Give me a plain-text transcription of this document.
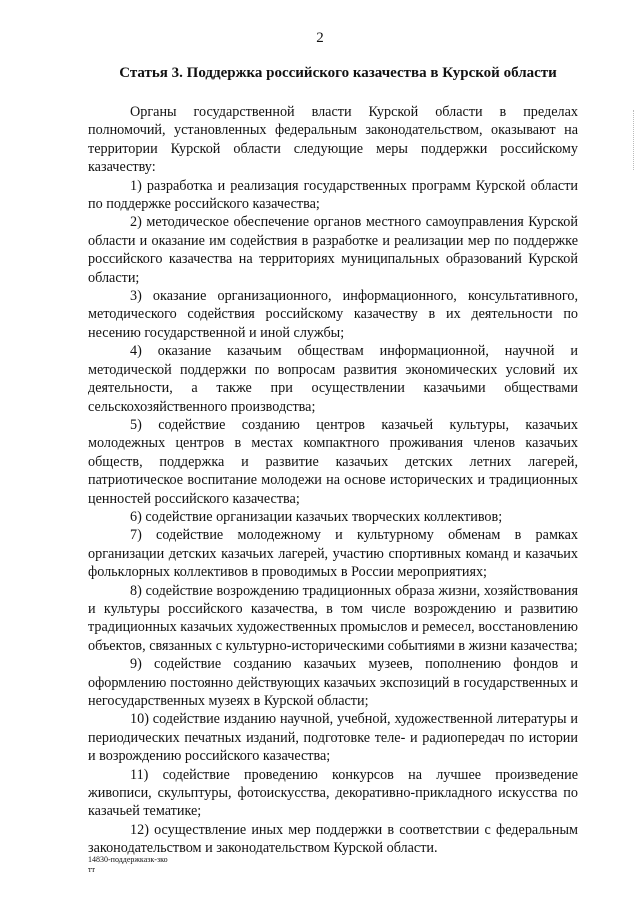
2
Статья 3. Поддержка российского казачества в Курской области

Органы государственной власти Курской области в пределах полномочий, установленных федеральным законодательством, оказывают на территории Курской области следующие меры поддержки российскому казачеству:

1) разработка и реализация государственных программ Курской области по поддержке российского казачества;

2) методическое обеспечение органов местного самоуправления Курской области и оказание им содействия в разработке и реализации мер по поддержке российского казачества на территориях муниципальных образований Курской области;

3) оказание организационного, информационного, консультативного, методического содействия российскому казачеству в их деятельности по несению государственной и иной службы;

4) оказание казачьим обществам информационной, научной и методической поддержки по вопросам развития экономических условий их деятельности, а также при осуществлении казачьими обществами сельскохозяйственного производства;

5) содействие созданию центров казачьей культуры, казачьих молодежных центров в местах компактного проживания членов казачьих обществ, поддержка и развитие казачьих детских летних лагерей, патриотическое воспитание молодежи на основе исторических и традиционных ценностей российского казачества;

6) содействие организации казачьих творческих коллективов;

7) содействие молодежному и культурному обменам в рамках организации детских казачьих лагерей, участию спортивных команд и казачьих фольклорных коллективов в проводимых в России мероприятиях;

8) содействие возрождению традиционных образа жизни, хозяйствования и культуры российского казачества, в том числе возрождению и развитию традиционных казачьих художественных промыслов и ремесел, восстановлению объектов, связанных с культурно-историческими событиями в жизни казачества;

9) содействие созданию казачьих музеев, пополнению фондов и оформлению постоянно действующих казачьих экспозиций в государственных и негосударственных музеях в Курской области;

10) содействие изданию научной, учебной, художественной литературы и периодических печатных изданий, подготовке теле- и радиопередач по истории и возрождению российского казачества;

11) содействие проведению конкурсов на лучшее произведение живописи, скульптуры, фотоискусства, декоративно-прикладного искусства по казачьей тематике;

12) осуществление иных мер поддержки в соответствии с федеральным законодательством и законодательством Курской области.

14830-поддержказк-зко
тт
